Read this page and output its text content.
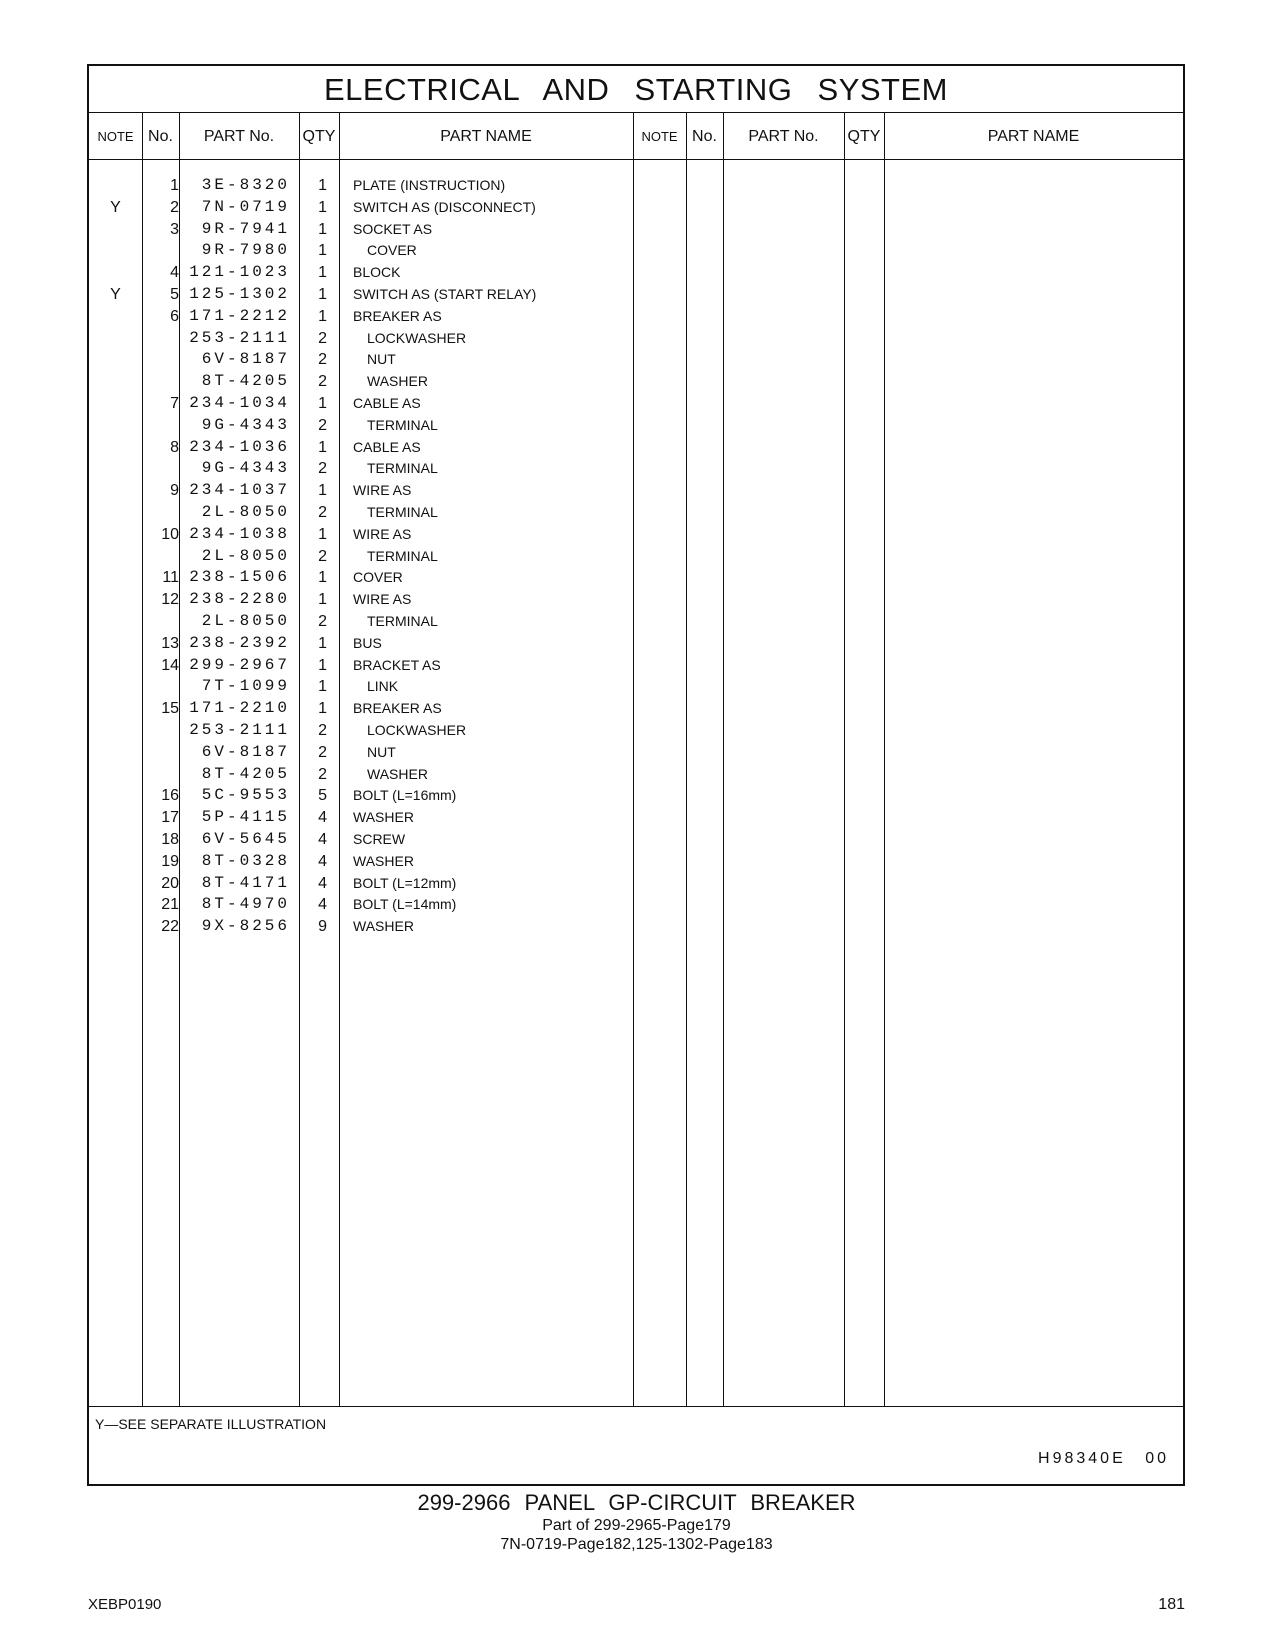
ELECTRICAL AND STARTING SYSTEM
NOTE No.	PART No.	QTY	PART NAME	NOTE No.	PART No.	QTY	PART NAME
1	3E-8320	1 PLATE (INSTRUCTION)
Y	2	7N-0719	1 SWITCH AS (DISCONNECT)
3	9R-7941	1 SOCKET AS
9R-7980	1	COVER
4 121-1023	1 BLOCK
Y	5 125-1302	1 SWITCH AS (START RELAY)
6 171-2212	1 BREAKER AS
253-2111	2	LOCKWASHER
6V-8187	2	NUT
8T-4205	2	WASHER
7 234-1034	1 CABLE AS
9G-4343	2	TERMINAL
8 234-1036	1 CABLE AS
9G-4343	2	TERMINAL
9 234-1037	1 WIRE AS
2L-8050	2	TERMINAL
10 234-1038	1 WIRE AS
2L-8050	2	TERMINAL
11 238-1506	1 COVER
12 238-2280	1 WIRE AS
2L-8050	2	TERMINAL
13 238-2392	1 BUS
14 299-2967	1 BRACKET AS
7T-1099	1	LINK
15 171-2210	1 BREAKER AS
253-2111	2	LOCKWASHER
6V-8187	2	NUT
8T-4205	2	WASHER
16	5C-9553	5 BOLT (L=16mm)
17	5P-4115	4 WASHER
18	6V-5645	4 SCREW
19	8T-0328	4 WASHER
20	8T-4171	4 BOLT (L=12mm)
21	8T-4970	4 BOLT (L=14mm)
22	9X-8256	9 WASHER
Y—SEE SEPARATE ILLUSTRATION
H98340E 00
299-2966 PANEL GP-CIRCUIT BREAKER
Part of 299-2965-Page179
7N-0719-Page182,125-1302-Page183
XEBP0190	181
